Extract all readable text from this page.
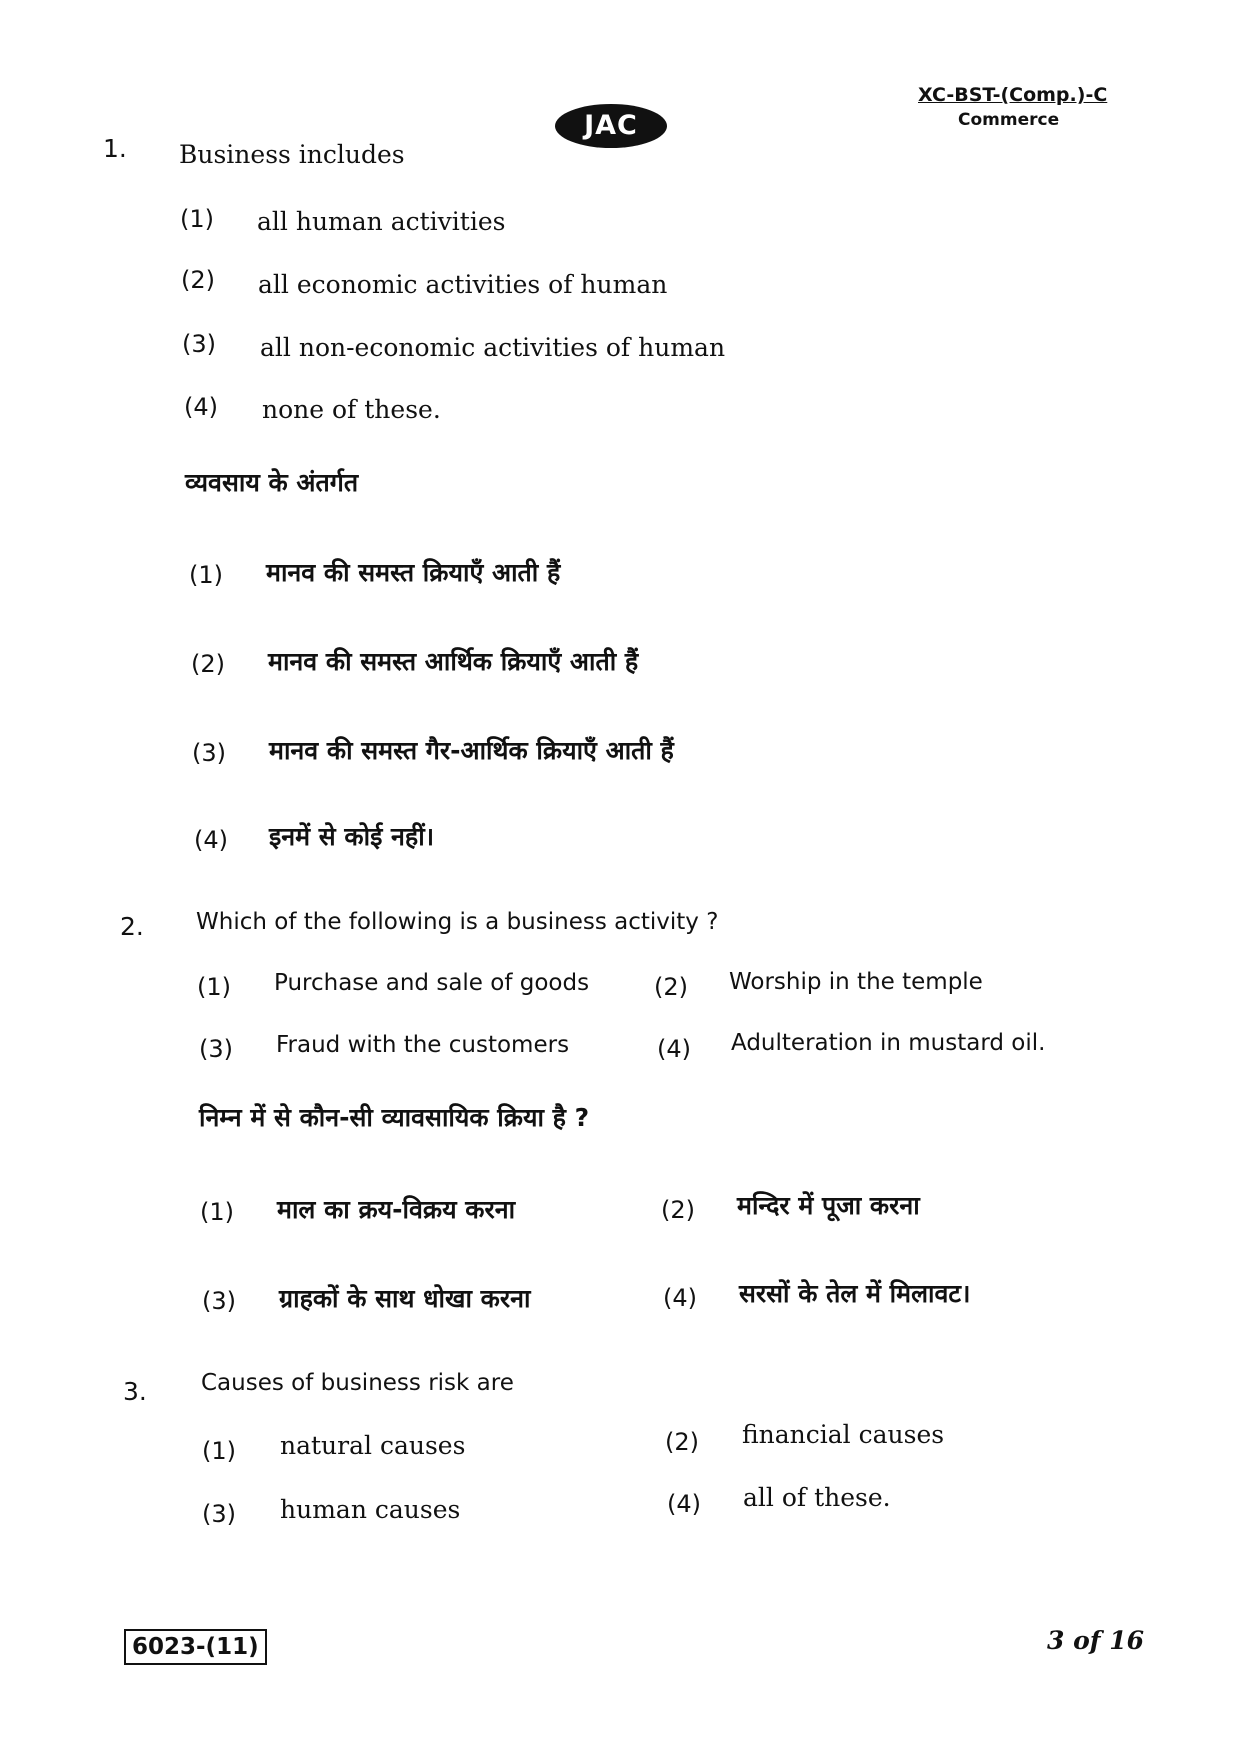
JAC
XC-BST-(Comp.)-C
Commerce
1. Business includes
(1) all human activities
(2) all economic activities of human
(3) all non-economic activities of human
(4) none of these.
व्यवसाय के अंतर्गत
(1) मानव की समस्त क्रियाएँ आती हैं
(2) मानव की समस्त आर्थिक क्रियाएँ आती हैं
(3) मानव की समस्त गैर-आर्थिक क्रियाएँ आती हैं
(4) इनमें से कोई नहीं।
2. Which of the following is a business activity ?
(1) Purchase and sale of goods	(2) Worship in the temple
(3) Fraud with the customers	(4) Adulteration in mustard oil.
निम्न में से कौन-सी व्यावसायिक क्रिया है ?
(1) माल का क्रय-विक्रय करना	(2) मन्दिर में पूजा करना
(3) ग्राहकों के साथ धोखा करना	(4) सरसों के तेल में मिलावट।
3. Causes of business risk are
(1) natural causes	(2) financial causes
(3) human causes	(4) all of these.
6023-(11)	3 of 16
